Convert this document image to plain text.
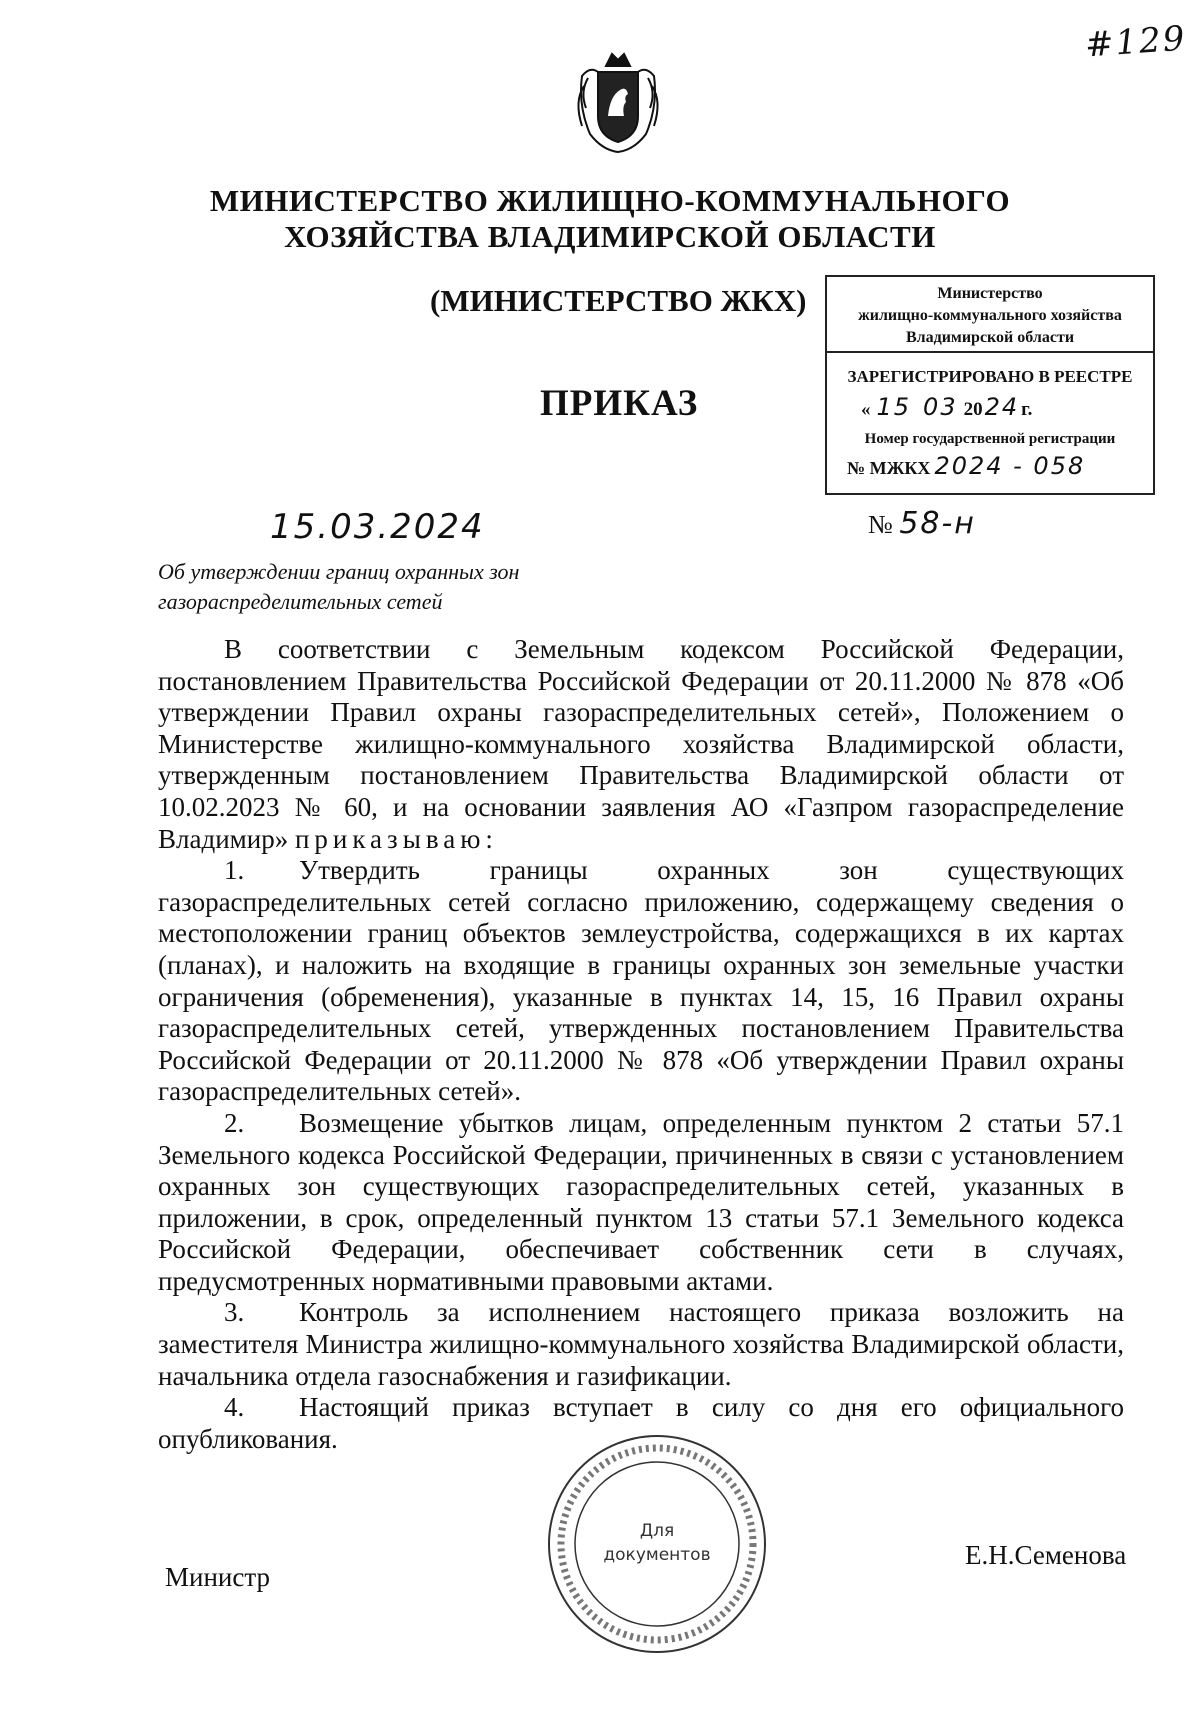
#129
МИНИСТЕРСТВО ЖИЛИЩНО-КОММУНАЛЬНОГО
ХОЗЯЙСТВА ВЛАДИМИРСКОЙ ОБЛАСТИ
(МИНИСТЕРСТВО ЖКХ)
ПРИКАЗ
Министерство
жилищно-коммунального хозяйства
Владимирской области
ЗАРЕГИСТРИРОВАНО В РЕЕСТРЕ
« 15 03 2024 г.
Номер государственной регистрации
№ МЖКХ 2024 - 058
15.03.2024	№ 58-н
Об утверждении границ охранных зон
газораспределительных сетей

В соответствии с Земельным кодексом Российской Федерации, постановлением Правительства Российской Федерации от 20.11.2000 № 878 «Об утверждении Правил охраны газораспределительных сетей», Положением о Министерстве жилищно-коммунального хозяйства Владимирской области, утвержденным постановлением Правительства Владимирской области от 10.02.2023 № 60, и на основании заявления АО «Газпром газораспределение Владимир» приказываю:

1. Утвердить границы охранных зон существующих газораспределительных сетей согласно приложению, содержащему сведения о местоположении границ объектов землеустройства, содержащихся в их картах (планах), и наложить на входящие в границы охранных зон земельные участки ограничения (обременения), указанные в пунктах 14, 15, 16 Правил охраны газораспределительных сетей, утвержденных постановлением Правительства Российской Федерации от 20.11.2000 № 878 «Об утверждении Правил охраны газораспределительных сетей».

2. Возмещение убытков лицам, определенным пунктом 2 статьи 57.1 Земельного кодекса Российской Федерации, причиненных в связи с установлением охранных зон существующих газораспределительных сетей, указанных в приложении, в срок, определенный пунктом 13 статьи 57.1 Земельного кодекса Российской Федерации, обеспечивает собственник сети в случаях, предусмотренных нормативными правовыми актами.

3. Контроль за исполнением настоящего приказа возложить на заместителя Министра жилищно-коммунального хозяйства Владимирской области, начальника отдела газоснабжения и газификации.

4. Настоящий приказ вступает в силу со дня его официального опубликования.

Министр
Е.Н.Семенова
Для
документов
